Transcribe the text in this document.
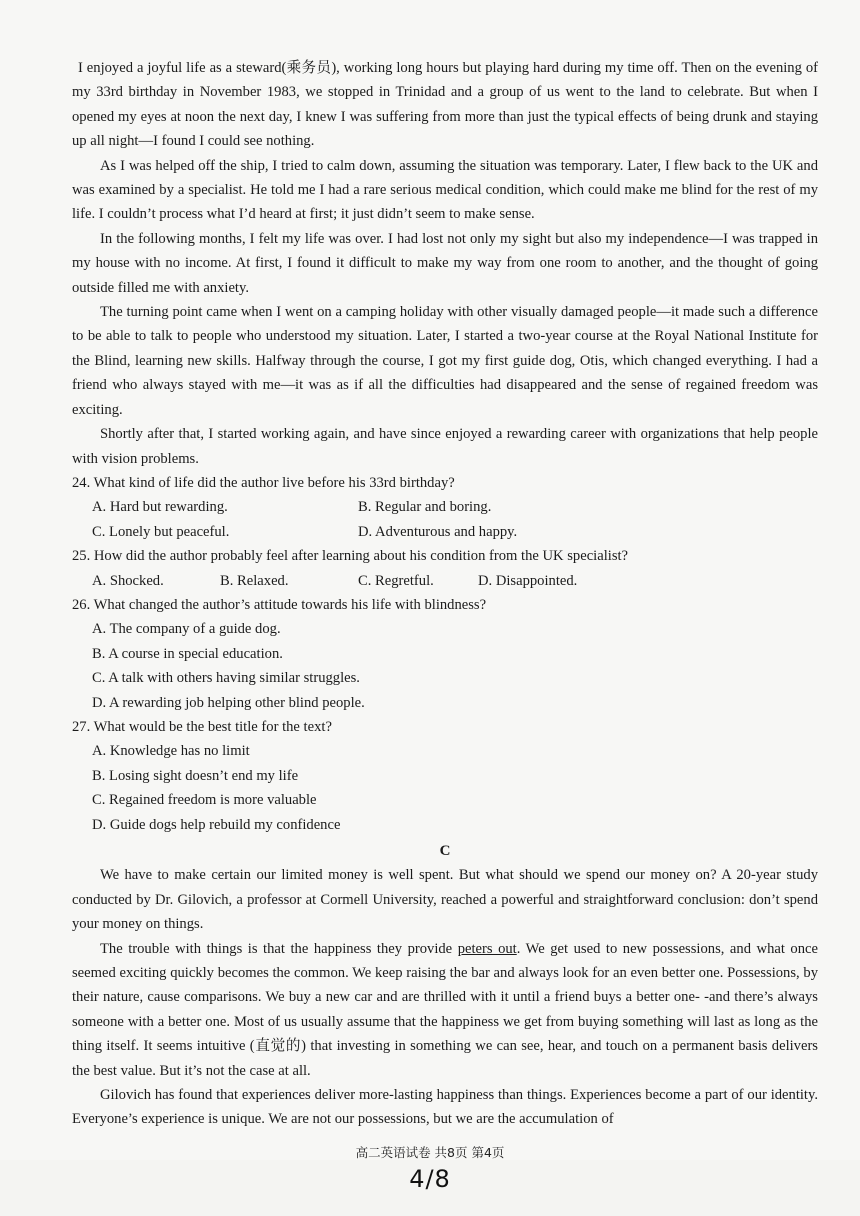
I enjoyed a joyful life as a steward(乘务员), working long hours but playing hard during my time off. Then on the evening of my 33rd birthday in November 1983, we stopped in Trinidad and a group of us went to the land to celebrate. But when I opened my eyes at noon the next day, I knew I was suffering from more than just the typical effects of being drunk and staying up all night—I found I could see nothing.

As I was helped off the ship, I tried to calm down, assuming the situation was temporary. Later, I flew back to the UK and was examined by a specialist. He told me I had a rare serious medical condition, which could make me blind for the rest of my life. I couldn’t process what I’d heard at first; it just didn’t seem to make sense.

In the following months, I felt my life was over. I had lost not only my sight but also my independence—I was trapped in my house with no income. At first, I found it difficult to make my way from one room to another, and the thought of going outside filled me with anxiety.

The turning point came when I went on a camping holiday with other visually damaged people—it made such a difference to be able to talk to people who understood my situation. Later, I started a two-year course at the Royal National Institute for the Blind, learning new skills. Halfway through the course, I got my first guide dog, Otis, which changed everything. I had a friend who always stayed with me—it was as if all the difficulties had disappeared and the sense of regained freedom was exciting.

Shortly after that, I started working again, and have since enjoyed a rewarding career with organizations that help people with vision problems.

24. What kind of life did the author live before his 33rd birthday?
A. Hard but rewarding.	B. Regular and boring.
C. Lonely but peaceful.	D. Adventurous and happy.
25. How did the author probably feel after learning about his condition from the UK specialist?
A. Shocked.	B. Relaxed.	C. Regretful.	D. Disappointed.
26. What changed the author’s attitude towards his life with blindness?
A. The company of a guide dog.
B. A course in special education.
C. A talk with others having similar struggles.
D. A rewarding job helping other blind people.
27. What would be the best title for the text?
A. Knowledge has no limit
B. Losing sight doesn’t end my life
C. Regained freedom is more valuable
D. Guide dogs help rebuild my confidence
C

We have to make certain our limited money is well spent. But what should we spend our money on? A 20-year study conducted by Dr. Gilovich, a professor at Cormell University, reached a powerful and straightforward conclusion: don’t spend your money on things.

The trouble with things is that the happiness they provide peters out. We get used to new possessions, and what once seemed exciting quickly becomes the common. We keep raising the bar and always look for an even better one. Possessions, by their nature, cause comparisons. We buy a new car and are thrilled with it until a friend buys a better one- -and there’s always someone with a better one. Most of us usually assume that the happiness we get from buying something will last as long as the thing itself. It seems intuitive (直觉的) that investing in something we can see, hear, and touch on a permanent basis delivers the best value. But it’s not the case at all.

Gilovich has found that experiences deliver more-lasting happiness than things. Experiences become a part of our identity. Everyone’s experience is unique. We are not our possessions, but we are the accumulation of

高二英语试卷 共8页 第4页
4/8
